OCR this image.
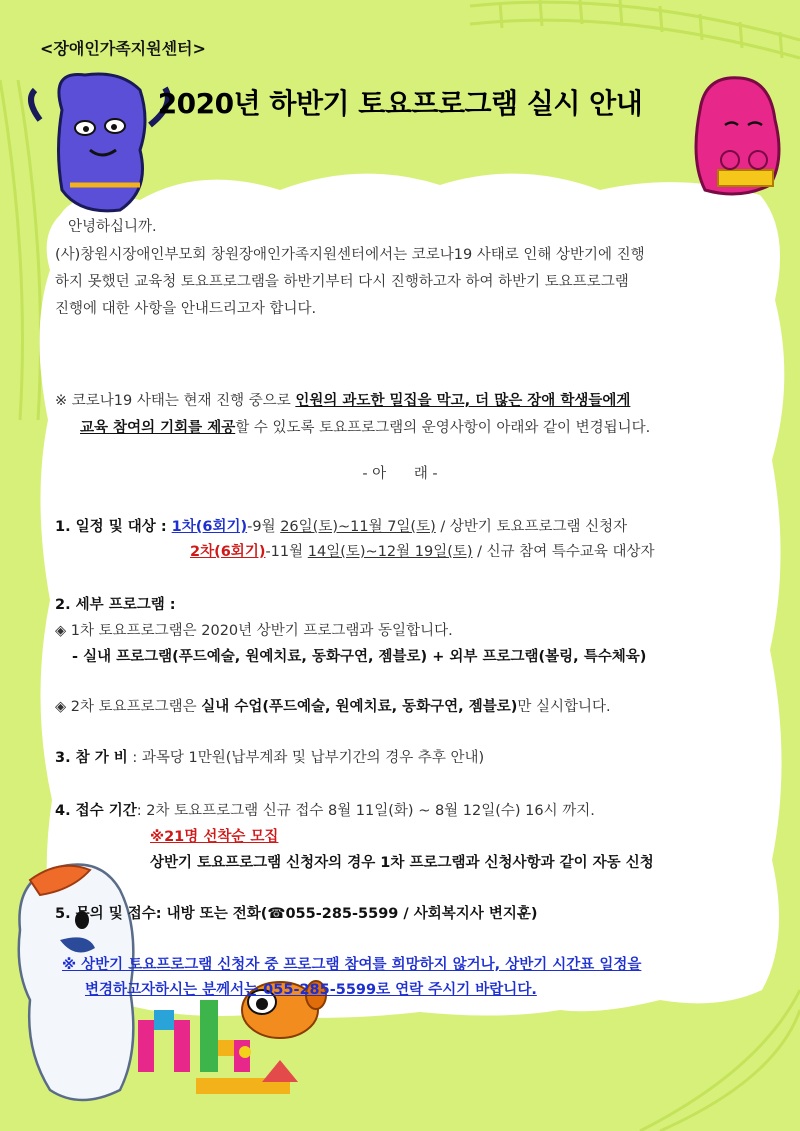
<장애인가족지원센터>
2020년 하반기 토요프로그램 실시 안내
안녕하십니까.
(사)창원시장애인부모회 창원장애인가족지원센터에서는 코로나19 사태로 인해 상반기에 진행
하지 못했던 교육청 토요프로그램을 하반기부터 다시 진행하고자 하여 하반기 토요프로그램
진행에 대한 사항을 안내드리고자 합니다.
※ 코로나19 사태는 현재 진행 중으로 인원의 과도한 밀집을 막고, 더 많은 장애 학생들에게
교육 참여의 기회를 제공할 수 있도록 토요프로그램의 운영사항이 아래와 같이 변경됩니다.
- 아      래 -
1. 일정 및 대상 : 1차(6회기)-9월 26일(토)~11월 7일(토) / 상반기 토요프로그램 신청자
2차(6회기)-11월 14일(토)~12월 19일(토) / 신규 참여 특수교육 대상자
2. 세부 프로그램 :
◈ 1차 토요프로그램은 2020년 상반기 프로그램과 동일합니다.
- 실내 프로그램(푸드예술, 원예치료, 동화구연, 젬블로) + 외부 프로그램(볼링, 특수체육)
◈ 2차 토요프로그램은 실내 수업(푸드예술, 원예치료, 동화구연, 젬블로)만 실시합니다.
3. 참 가 비 : 과목당 1만원(납부계좌 및 납부기간의 경우 추후 안내)
4. 접수 기간: 2차 토요프로그램 신규 접수 8월 11일(화) ~ 8월 12일(수) 16시 까지.
※21명 선착순 모집
상반기 토요프로그램 신청자의 경우 1차 프로그램과 신청사항과 같이 자동 신청
5. 문의 및 접수: 내방 또는 전화(☎055-285-5599 / 사회복지사 변지훈)
※ 상반기 토요프로그램 신청자 중 프로그램 참여를 희망하지 않거나, 상반기 시간표 일정을
변경하고자하시는 분께서는 055-285-5599로 연락 주시기 바랍니다.
